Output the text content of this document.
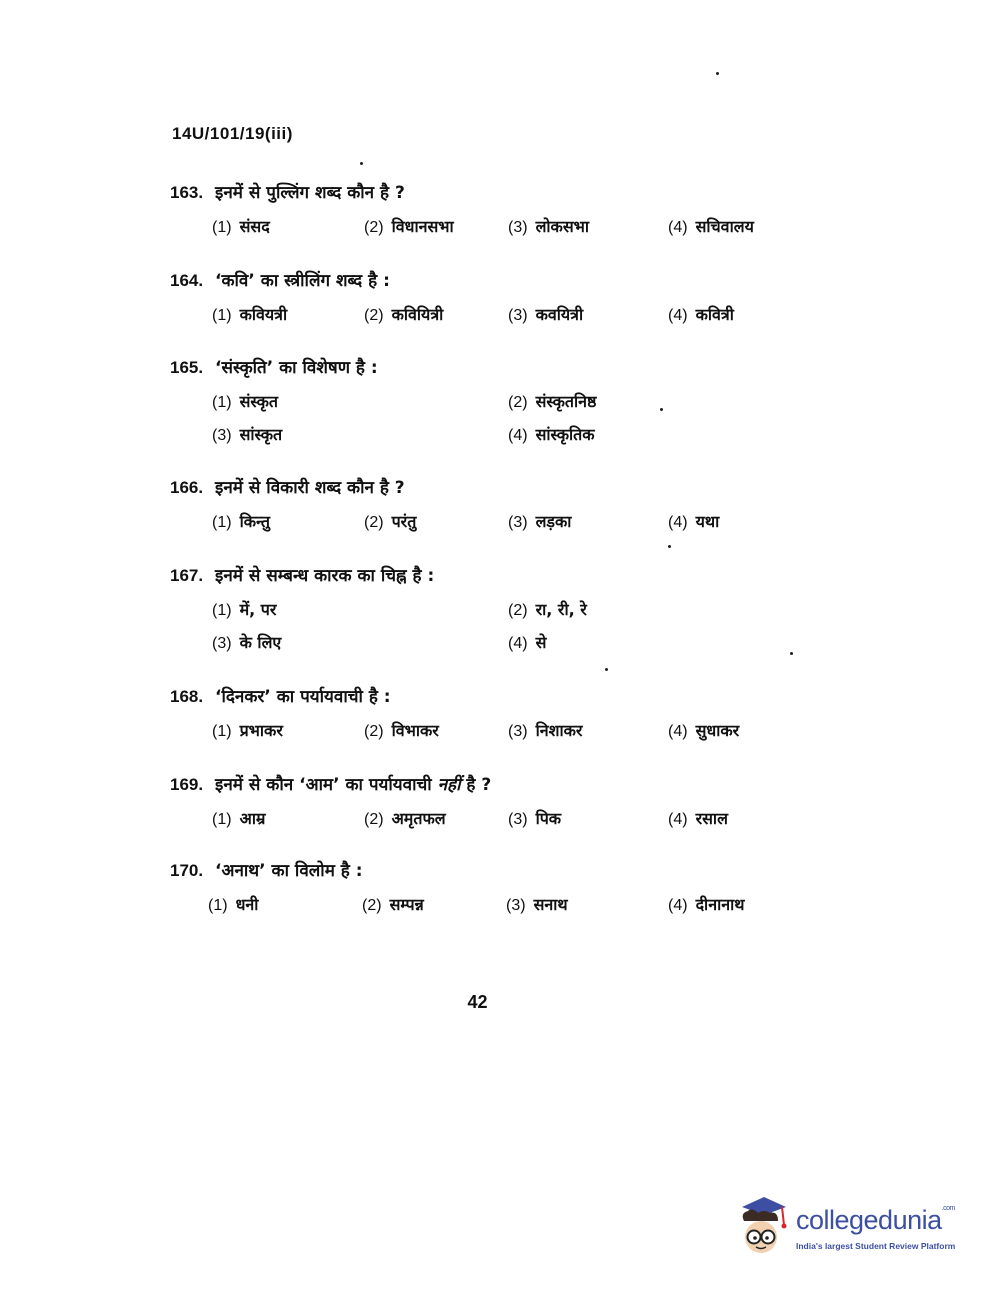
14U/101/19(iii)
163. इनमें से पुल्लिंग शब्द कौन है ?
(1) संसद	(2) विधानसभा	(3) लोकसभा	(4) सचिवालय
164. ‘कवि’ का स्त्रीलिंग शब्द है :
(1) कवियत्री	(2) कवियित्री	(3) कवयित्री	(4) कवित्री
165. ‘संस्कृति’ का विशेषण है :
(1) संस्कृत	(2) संस्कृतनिष्ठ
(3) सांस्कृत	(4) सांस्कृतिक
166. इनमें से विकारी शब्द कौन है ?
(1) किन्तु	(2) परंतु	(3) लड़का	(4) यथा
167. इनमें से सम्बन्ध कारक का चिह्न है :
(1) में, पर	(2) रा, री, रे
(3) के लिए	(4) से
168. ‘दिनकर’ का पर्यायवाची है :
(1) प्रभाकर	(2) विभाकर	(3) निशाकर	(4) सुधाकर
169. इनमें से कौन ‘आम’ का पर्यायवाची नहीं है ?
(1) आम्र	(2) अमृतफल	(3) पिक	(4) रसाल
170. ‘अनाथ’ का विलोम है :
(1) धनी	(2) सम्पन्न	(3) सनाथ	(4) दीनानाथ
42
collegedunia$^{.com}$
India's largest Student Review Platform
